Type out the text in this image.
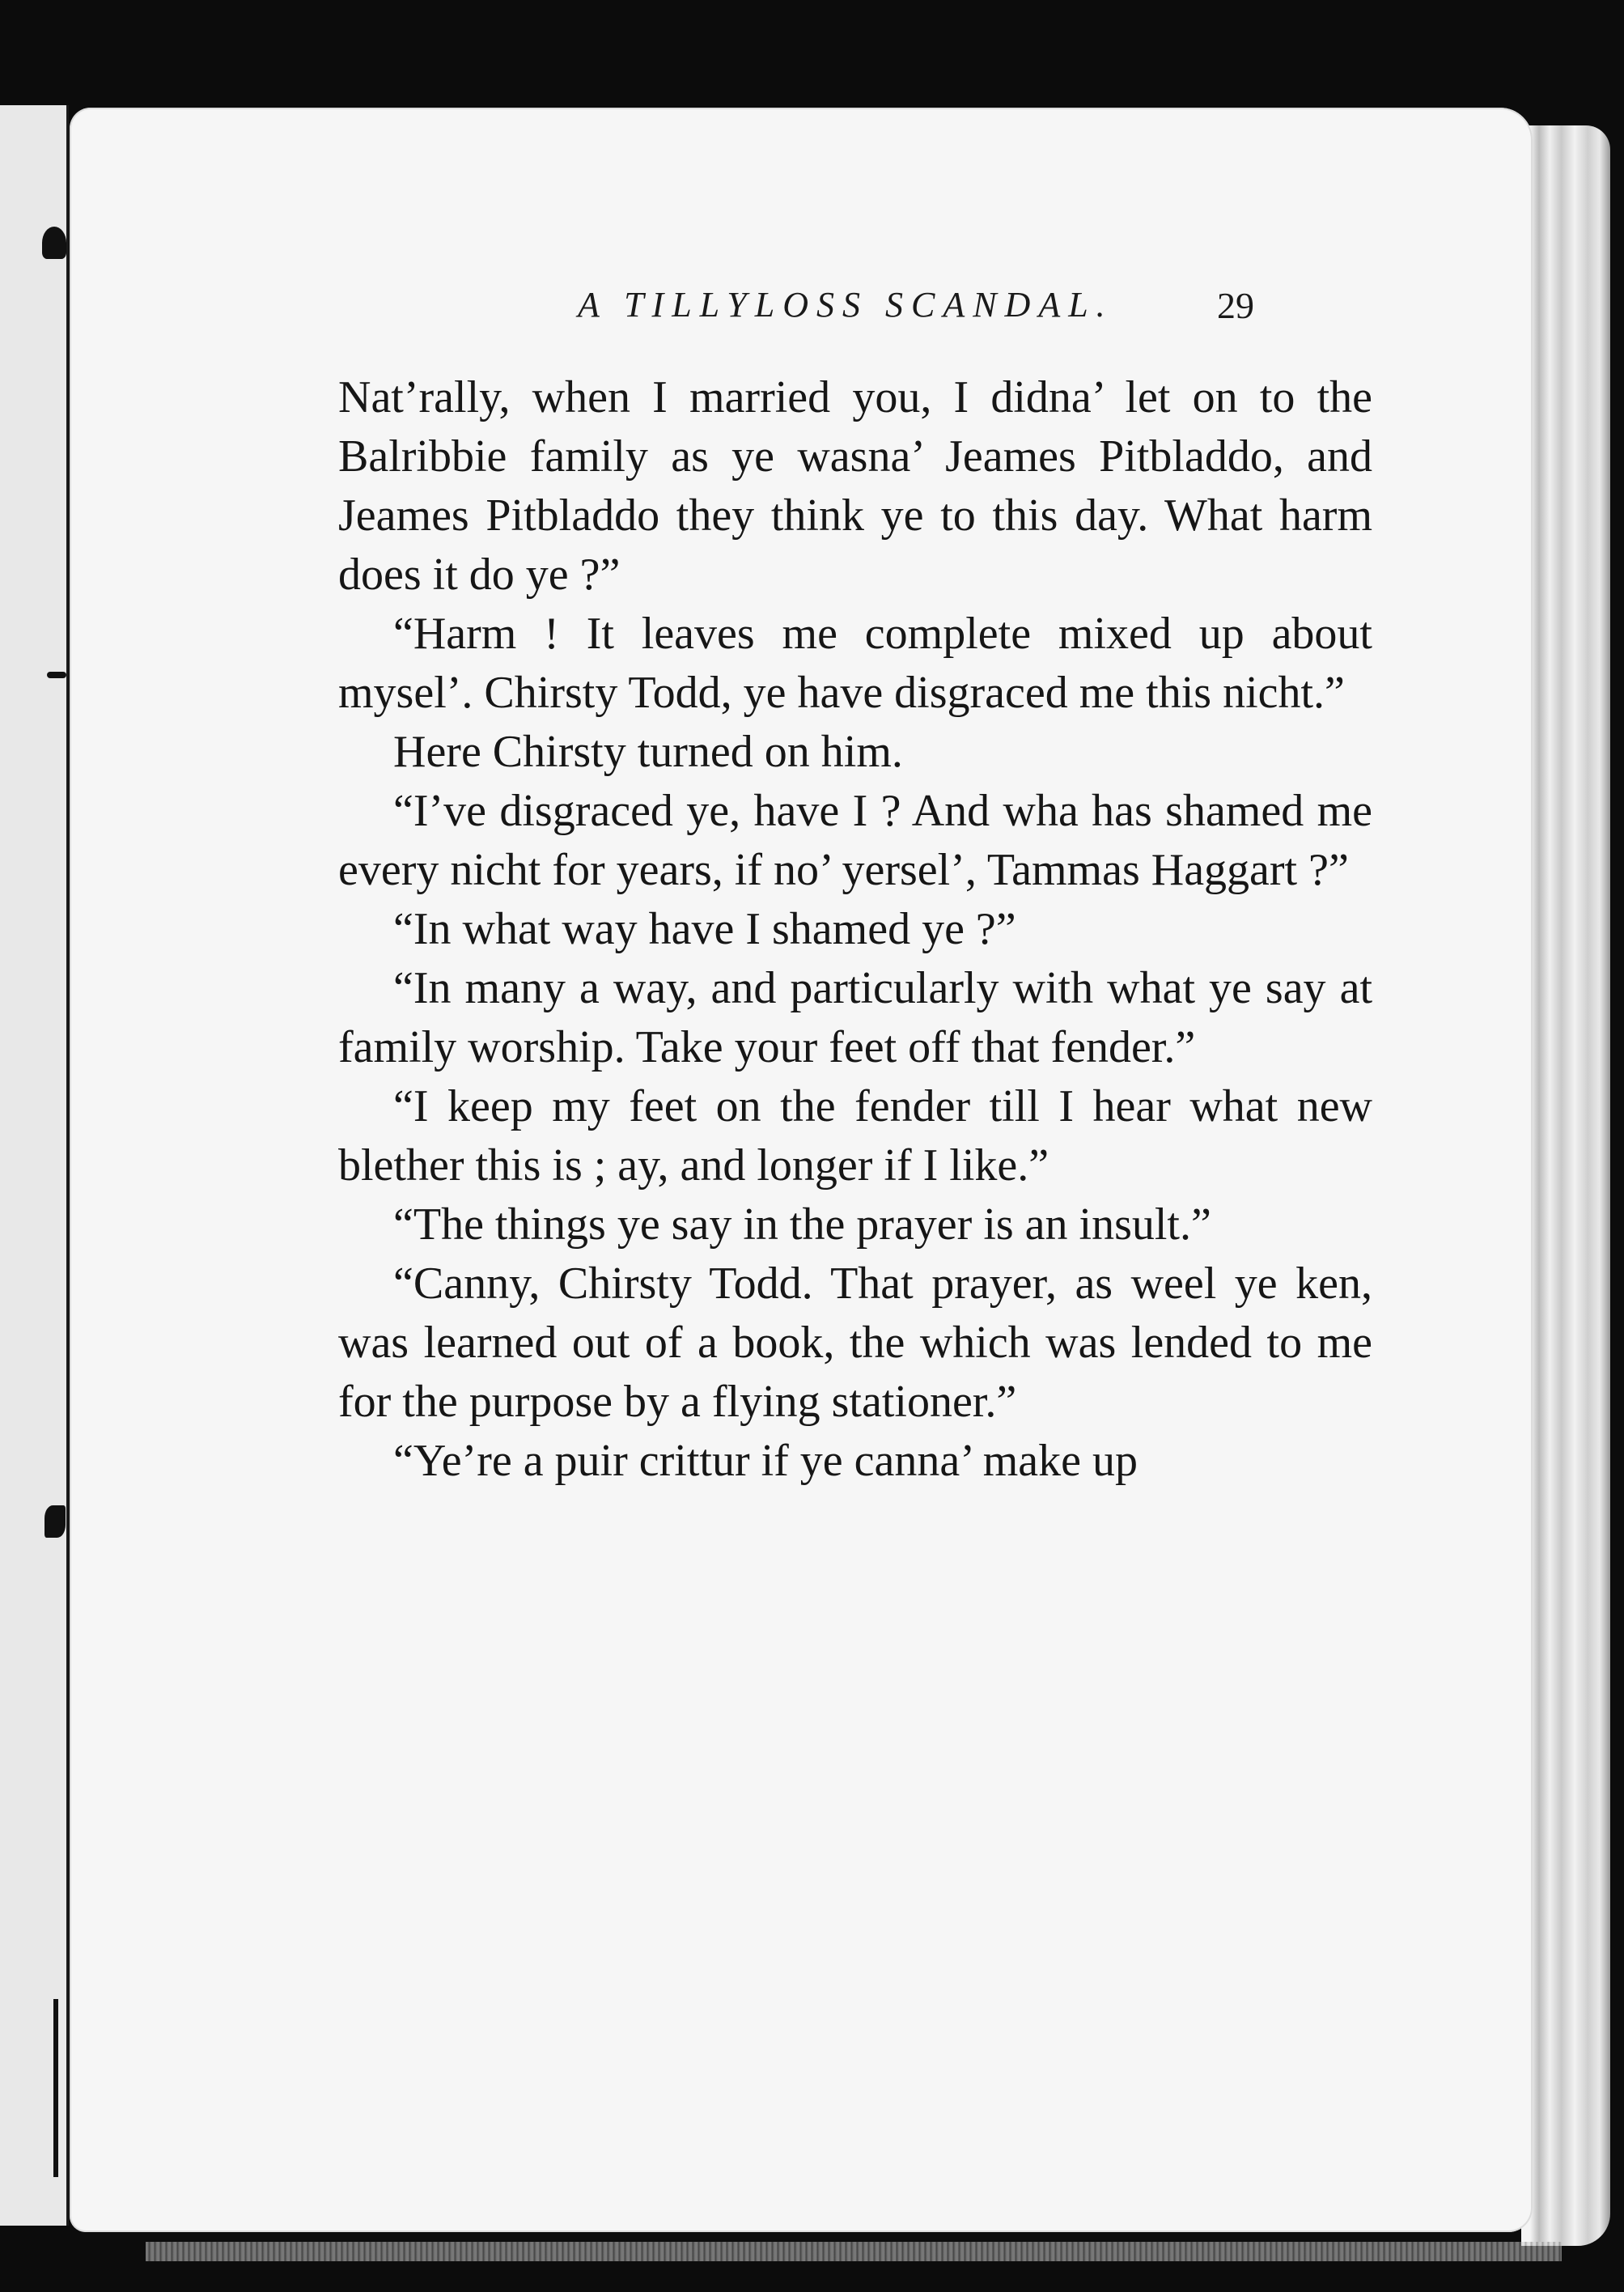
A TILLYLOSS SCANDAL.	29

Nat’rally, when I married you, I didna’ let on to the Balribbie family as ye wasna’ Jeames Pitbladdo, and Jeames Pitbladdo they think ye to this day. What harm does it do ye ?”

“Harm ! It leaves me complete mixed up about mysel’. Chirsty Todd, ye have disgraced me this nicht.”

Here Chirsty turned on him.

“I’ve disgraced ye, have I ? And wha has shamed me every nicht for years, if no’ yersel’, Tammas Haggart ?”

“In what way have I shamed ye ?”

“In many a way, and particularly with what ye say at family worship. Take your feet off that fender.”

“I keep my feet on the fender till I hear what new blether this is ; ay, and longer if I like.”

“The things ye say in the prayer is an insult.”

“Canny, Chirsty Todd. That prayer, as weel ye ken, was learned out of a book, the which was lended to me for the purpose by a flying stationer.”

“Ye’re a puir crittur if ye canna’ make up
